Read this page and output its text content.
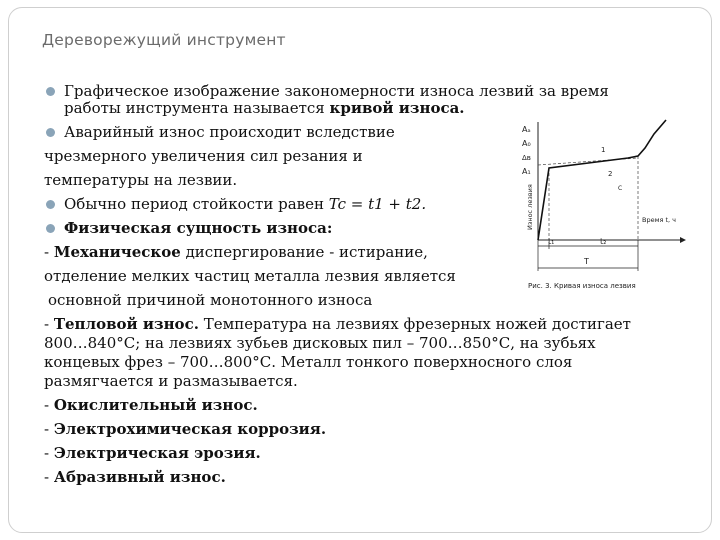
Дереворежущий инструмент
Графическое изображение закономерности износа лезвий за время
работы инструмента называется кривой износа.
Аварийный износ происходит вследствие
чрезмерного увеличения сил резания и
температуры на лезвии.
Обычно период стойкости равен Tc = t1 + t2.
Физическая сущность износа:
- Механическое диспергирование - истирание,
отделение мелких частиц металла лезвия является
основной причиной монотонного износа
- Тепловой износ. Температура на лезвиях фрезерных ножей достигает
800…840°С; на лезвиях зубьев дисковых пил – 700…850°С, на зубьях
концевых фрез – 700…800°С. Металл тонкого поверхносного слоя
размягчается и размазывается.
- Окислительный износ.
- Электрохимическая коррозия.
- Электрическая эрозия.
- Абразивный износ.
Aₐ
A₀
Δв
A₁
Износ лезвия
1
2
С
Время t, ч
t₁	t₂
T
Рис. 3. Кривая износа лезвия
